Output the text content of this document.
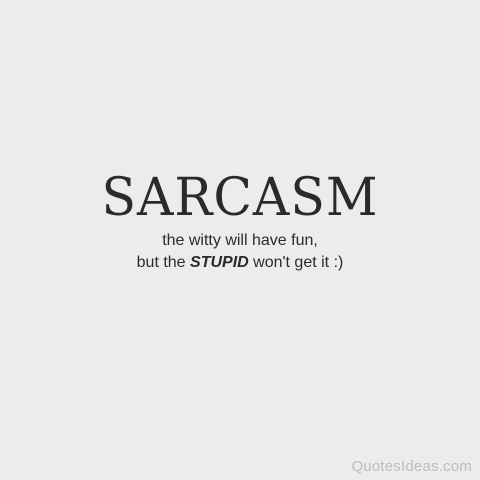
SARCASM
the witty will have fun,
but the STUPID won't get it :)
QuotesIdeas.com
